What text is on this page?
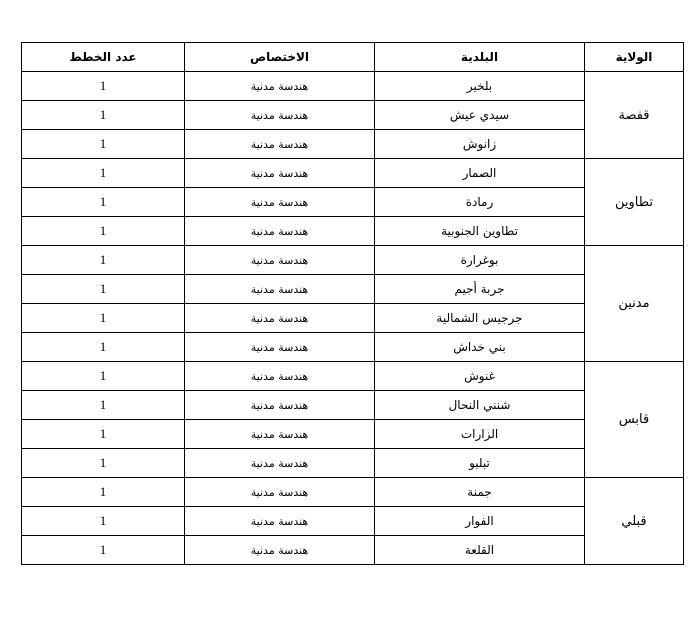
عدد الخطط	الاختصاص	البلدية	الولاية
1	هندسة مدنية	بلخير	قفصة
1	هندسة مدنية	سيدي عيش	
1	هندسة مدنية	زانوش	
1	هندسة مدنية	الصمار	تطاوين
1	هندسة مدنية	رمادة	
1	هندسة مدنية	تطاوين الجنوبية	
1	هندسة مدنية	بوغرارة	مدنين
1	هندسة مدنية	جربة أجيم	
1	هندسة مدنية	جرجيس الشمالية	
1	هندسة مدنية	بني خداش	
1	هندسة مدنية	غنوش	قابس
1	هندسة مدنية	شنني النحال	
1	هندسة مدنية	الزارات	
1	هندسة مدنية	تبلبو	
1	هندسة مدنية	جمنة	قبلي
1	هندسة مدنية	الفوار	
1	هندسة مدنية	القلعة	
